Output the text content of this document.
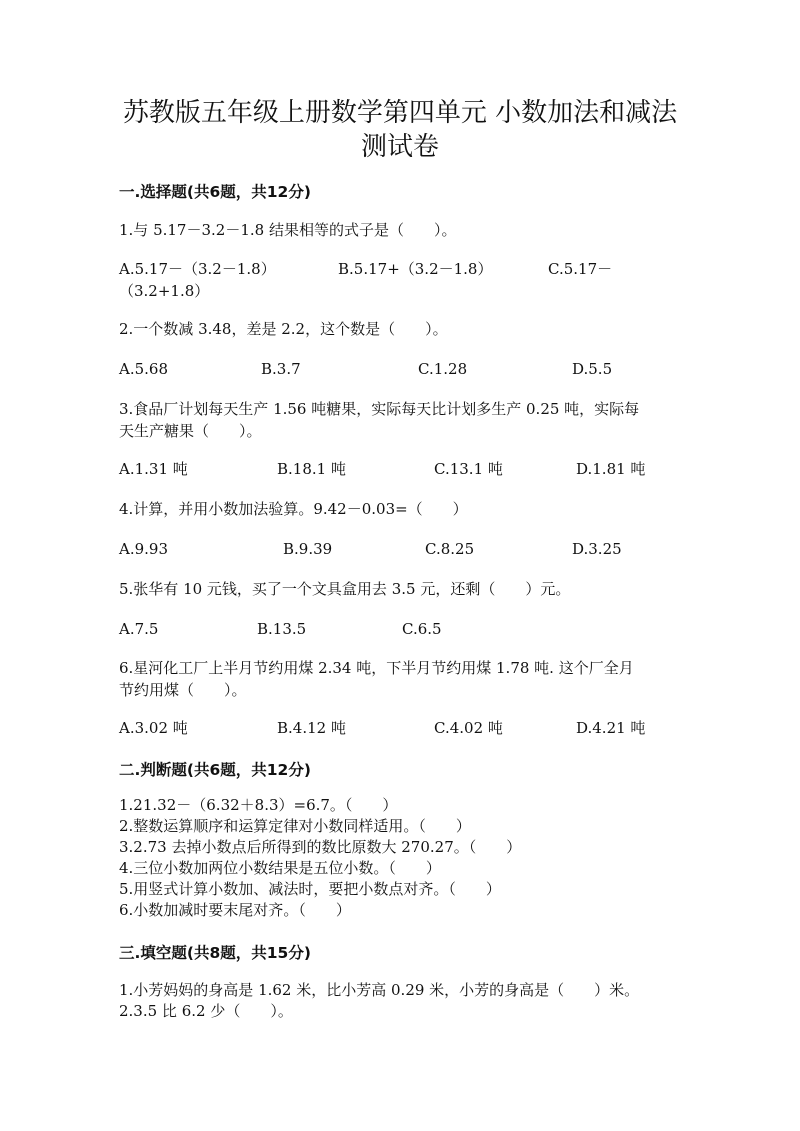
苏教版五年级上册数学第四单元 小数加法和减法
测试卷
一.选择题(共6题，共12分)
1.与 5.17－3.2－1.8 结果相等的式子是（　　）。
A.5.17－（3.2－1.8）	B.5.17+（3.2－1.8）	C.5.17－
（3.2+1.8）
2.一个数减 3.48，差是 2.2，这个数是（　　）。
A.5.68	B.3.7	C.1.28	D.5.5
3.食品厂计划每天生产 1.56 吨糖果，实际每天比计划多生产 0.25 吨，实际每
天生产糖果（　　）。
A.1.31 吨	B.18.1 吨	C.13.1 吨	D.1.81 吨
4.计算，并用小数加法验算。9.42－0.03=（　　）
A.9.93	B.9.39	C.8.25	D.3.25
5.张华有 10 元钱，买了一个文具盒用去 3.5 元，还剩（　　）元。
A.7.5	B.13.5	C.6.5
6.星河化工厂上半月节约用煤 2.34 吨，下半月节约用煤 1.78 吨. 这个厂全月
节约用煤（　　）。
A.3.02 吨	B.4.12 吨	C.4.02 吨	D.4.21 吨
二.判断题(共6题，共12分)
1.21.32－（6.32＋8.3）=6.7。（　　）
2.整数运算顺序和运算定律对小数同样适用。（　　）
3.2.73 去掉小数点后所得到的数比原数大 270.27。（　　）
4.三位小数加两位小数结果是五位小数。（　　）
5.用竖式计算小数加、减法时，要把小数点对齐。（　　）
6.小数加减时要末尾对齐。（　　）
三.填空题(共8题，共15分)
1.小芳妈妈的身高是 1.62 米，比小芳高 0.29 米，小芳的身高是（　　）米。
2.3.5 比 6.2 少（　　）。
